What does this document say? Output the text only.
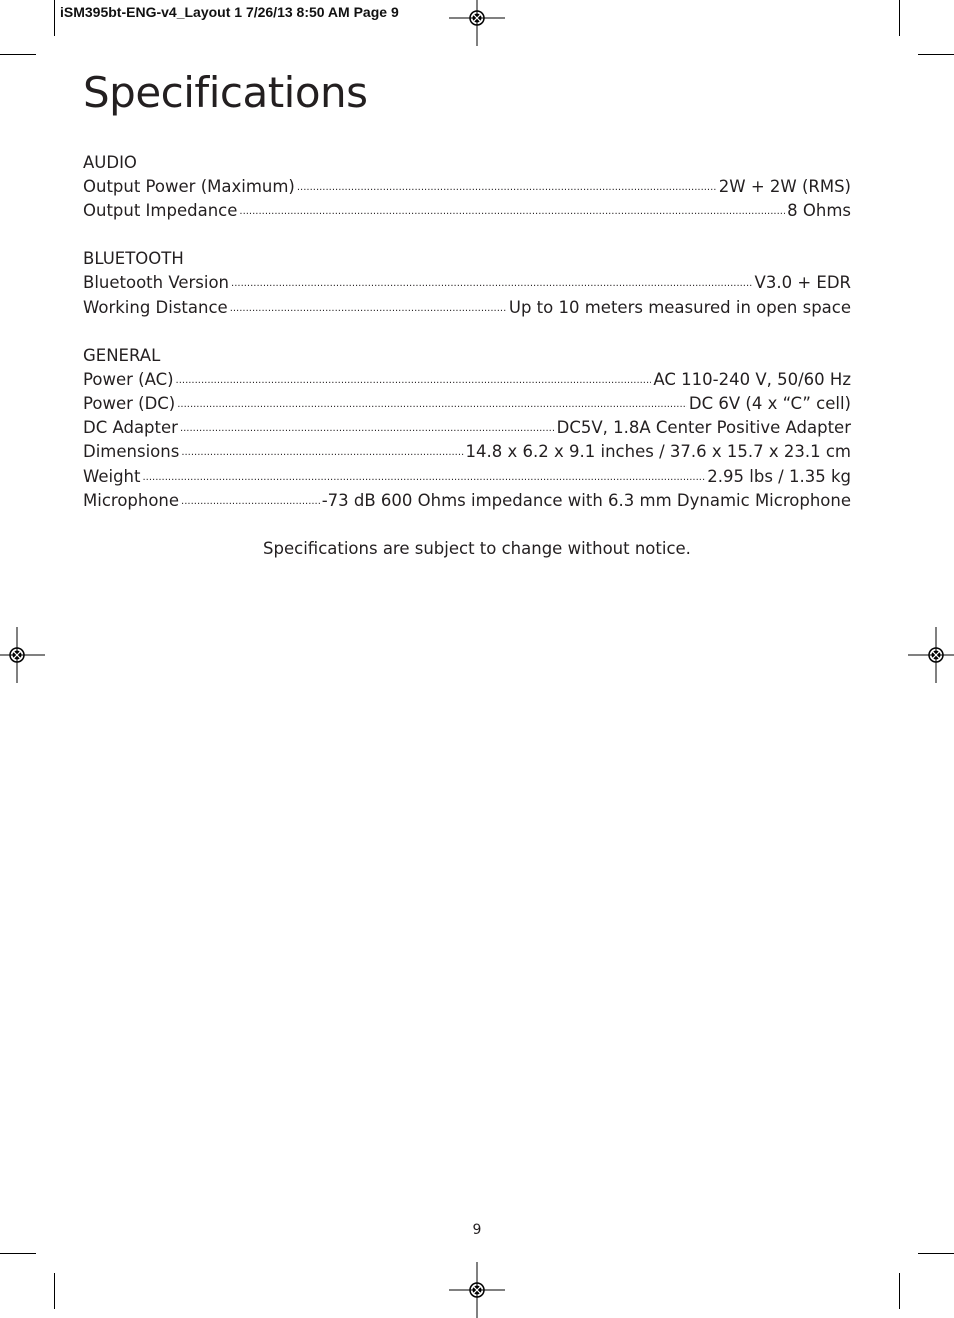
iSM395bt-ENG-v4_Layout 1 7/26/13 8:50 AM Page 9
Specifications
AUDIO
Output Power (Maximum) .....	2W + 2W (RMS)
Output Impedance .....	8 Ohms
BLUETOOTH
Bluetooth Version .....	V3.0 + EDR
Working Distance .....	Up to 10 meters measured in open space
GENERAL
Power (AC) .....	AC 110-240 V, 50/60 Hz
Power (DC) .....	DC 6V (4 x “C” cell)
DC Adapter .....	DC5V, 1.8A Center Positive Adapter
Dimensions .....	14.8 x 6.2 x 9.1 inches / 37.6 x 15.7 x 23.1 cm
Weight .....	2.95 lbs / 1.35 kg
Microphone .....	-73 dB 600 Ohms impedance with 6.3 mm Dynamic Microphone
Specifications are subject to change without notice.
9
